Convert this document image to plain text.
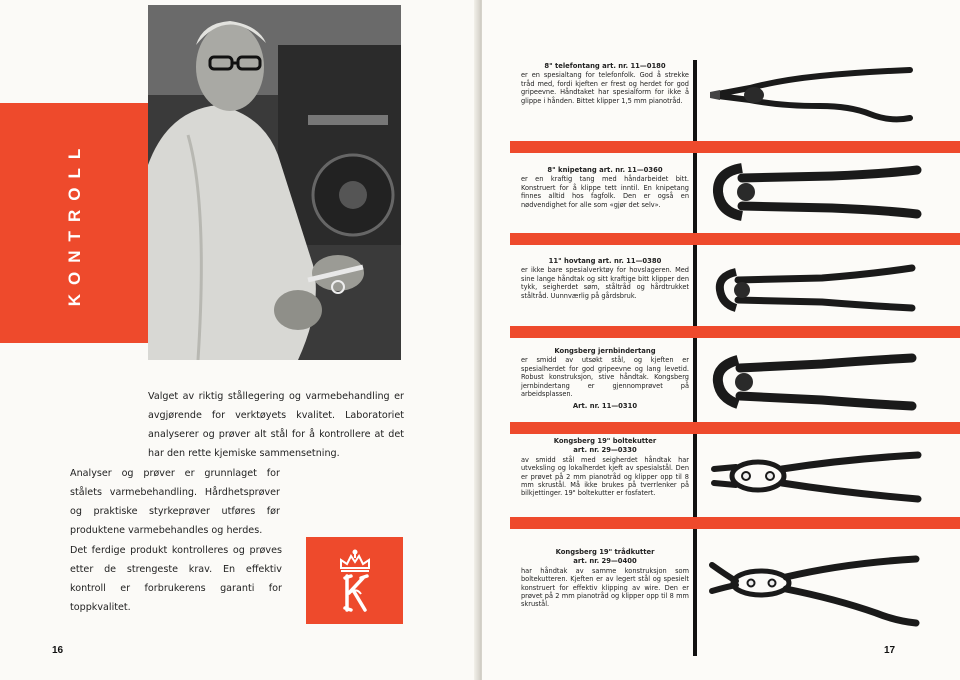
KONTROLL

Valget av riktig stållegering og varmebehandling er avgjørende for verktøyets kvalitet. Laboratoriet analyserer og prøver alt stål for å kontrollere at det har den rette kjemiske sammensetning.

Analyser og prøver er grunnlaget for stålets varmebehandling. Hårdhetsprøver og praktiske styrkeprøver utføres før produktene varmebehandles og herdes.

Det ferdige produkt kontrolleres og prøves etter de strengeste krav. En effektiv kontroll er forbrukerens garanti for toppkvalitet.

16
8" telefontang art. nr. 11—0180
er en spesialtang for telefonfolk. God å strekke tråd med, fordi kjeften er frest og herdet for god gripeevne. Håndtaket har spesialform for ikke å glippe i hånden. Bittet klipper 1,5 mm pianotråd.
8" knipetang art. nr. 11—0360
er en kraftig tang med håndarbeidet bitt. Konstruert for å klippe tett inntil. En knipetang finnes alltid hos fagfolk. Den er også en nødvendighet for alle som «gjør det selv».
11" hovtang art. nr. 11—0380
er ikke bare spesialverktøy for hovslageren. Med sine lange håndtak og sitt kraftige bitt klipper den tykk, seigherdet søm, ståltråd og hårdtrukket ståltråd. Uunnværlig på gårdsbruk.
Kongsberg jernbindertang
er smidd av utsøkt stål, og kjeften er spesialherdet for god gripeevne og lang levetid. Robust konstruksjon, stive håndtak. Kongsberg jernbindertang er gjennomprøvet på arbeidsplassen.
Art. nr. 11—0310
Kongsberg 19" boltekutter
art. nr. 29—0330
av smidd stål med seigherdet håndtak har utveksling og lokalherdet kjeft av spesialstål. Den er prøvet på 2 mm pianotråd og klipper opp til 8 mm skrustål. Må ikke brukes på tverrlenker på bilkjettinger. 19" boltekutter er fosfatert.
Kongsberg 19" trådkutter
art. nr. 29—0400
har håndtak av samme konstruksjon som boltekutteren. Kjeften er av legert stål og spesielt konstruert for effektiv klipping av wire. Den er prøvet på 2 mm pianotråd og klipper opp til 8 mm skrustål.
17
